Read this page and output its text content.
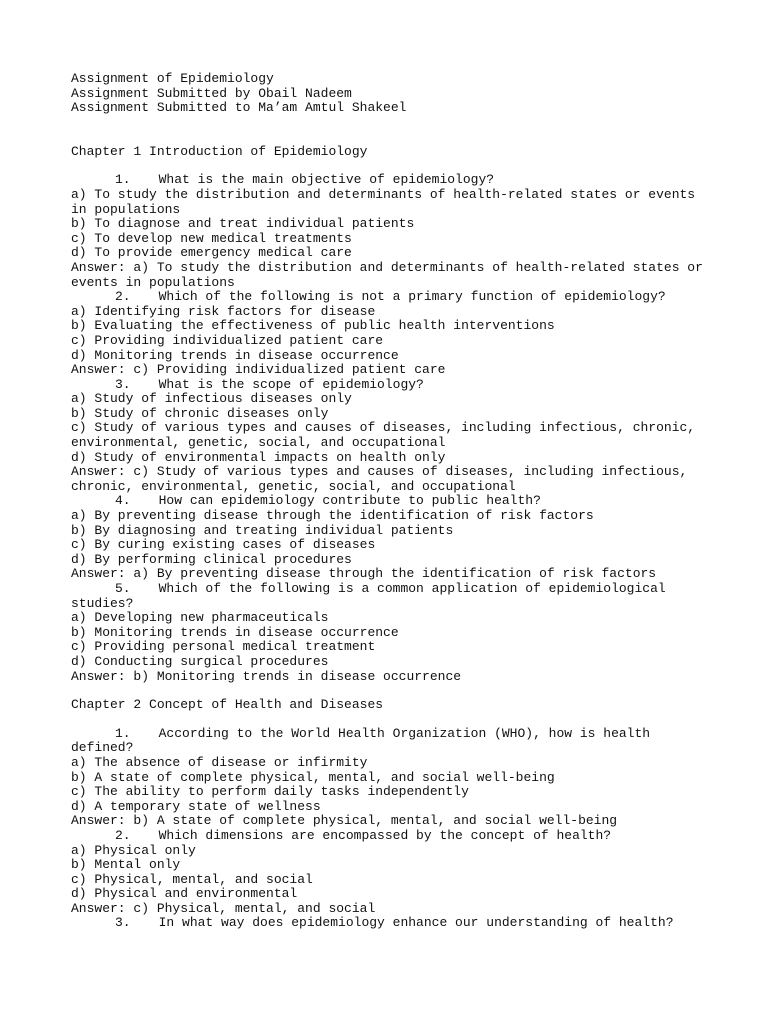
Assignment of Epidemiology
Assignment Submitted by Obail Nadeem
Assignment Submitted to Ma’am Amtul Shakeel
Chapter 1 Introduction of Epidemiology
1. What is the main objective of epidemiology?
a) To study the distribution and determinants of health-related states or events in populations
b) To diagnose and treat individual patients
c) To develop new medical treatments
d) To provide emergency medical care
Answer: a) To study the distribution and determinants of health-related states or events in populations
2. Which of the following is not a primary function of epidemiology?
a) Identifying risk factors for disease
b) Evaluating the effectiveness of public health interventions
c) Providing individualized patient care
d) Monitoring trends in disease occurrence
Answer: c) Providing individualized patient care
3. What is the scope of epidemiology?
a) Study of infectious diseases only
b) Study of chronic diseases only
c) Study of various types and causes of diseases, including infectious, chronic, environmental, genetic, social, and occupational
d) Study of environmental impacts on health only
Answer: c) Study of various types and causes of diseases, including infectious, chronic, environmental, genetic, social, and occupational
4. How can epidemiology contribute to public health?
a) By preventing disease through the identification of risk factors
b) By diagnosing and treating individual patients
c) By curing existing cases of diseases
d) By performing clinical procedures
Answer: a) By preventing disease through the identification of risk factors
5. Which of the following is a common application of epidemiological studies?
a) Developing new pharmaceuticals
b) Monitoring trends in disease occurrence
c) Providing personal medical treatment
d) Conducting surgical procedures
Answer: b) Monitoring trends in disease occurrence
Chapter 2 Concept of Health and Diseases
1. According to the World Health Organization (WHO), how is health defined?
a) The absence of disease or infirmity
b) A state of complete physical, mental, and social well-being
c) The ability to perform daily tasks independently
d) A temporary state of wellness
Answer: b) A state of complete physical, mental, and social well-being
2. Which dimensions are encompassed by the concept of health?
a) Physical only
b) Mental only
c) Physical, mental, and social
d) Physical and environmental
Answer: c) Physical, mental, and social
3. In what way does epidemiology enhance our understanding of health?
